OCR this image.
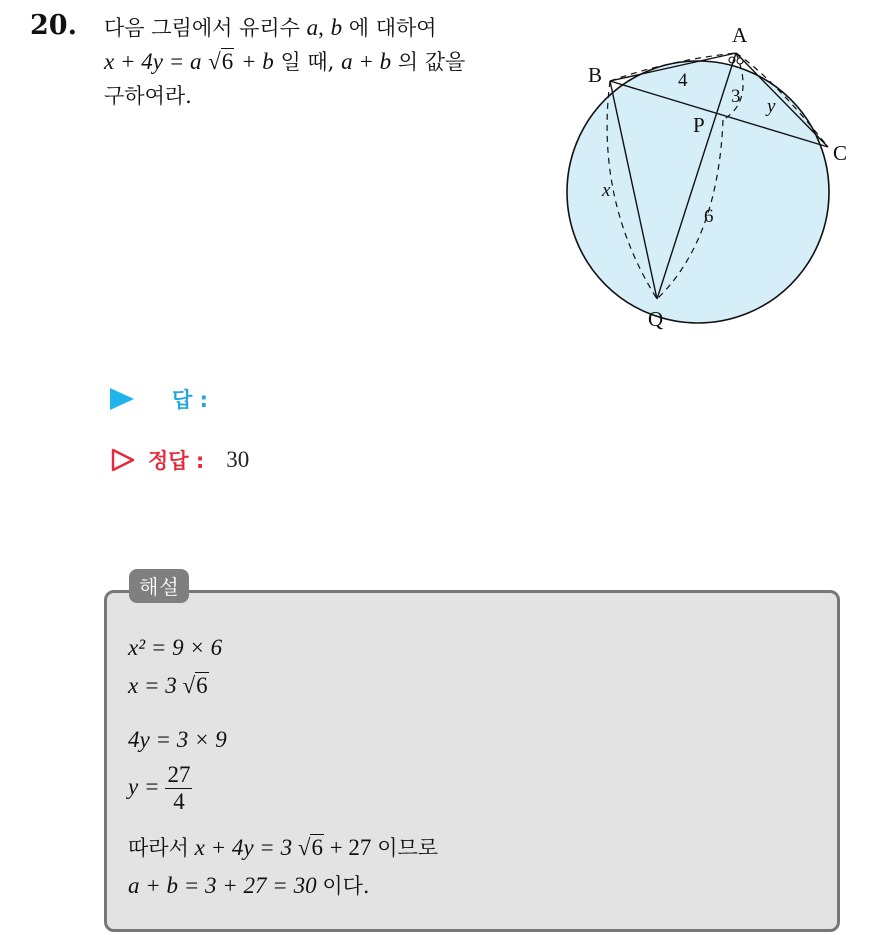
20. 다음 그림에서 유리수 a, b 에 대하여
x + 4y = a √6 + b 일 때, a + b 의 값을
구하여라.
A
B
C
P
Q
4
3
6
x
y
답 :
정답 : 30
해설
x² = 9 × 6
x = 3 √6
4y = 3 × 9
$y = \frac{27}{4}$
따라서 x + 4y = 3 √6 + 27 이므로
a + b = 3 + 27 = 30 이다.
